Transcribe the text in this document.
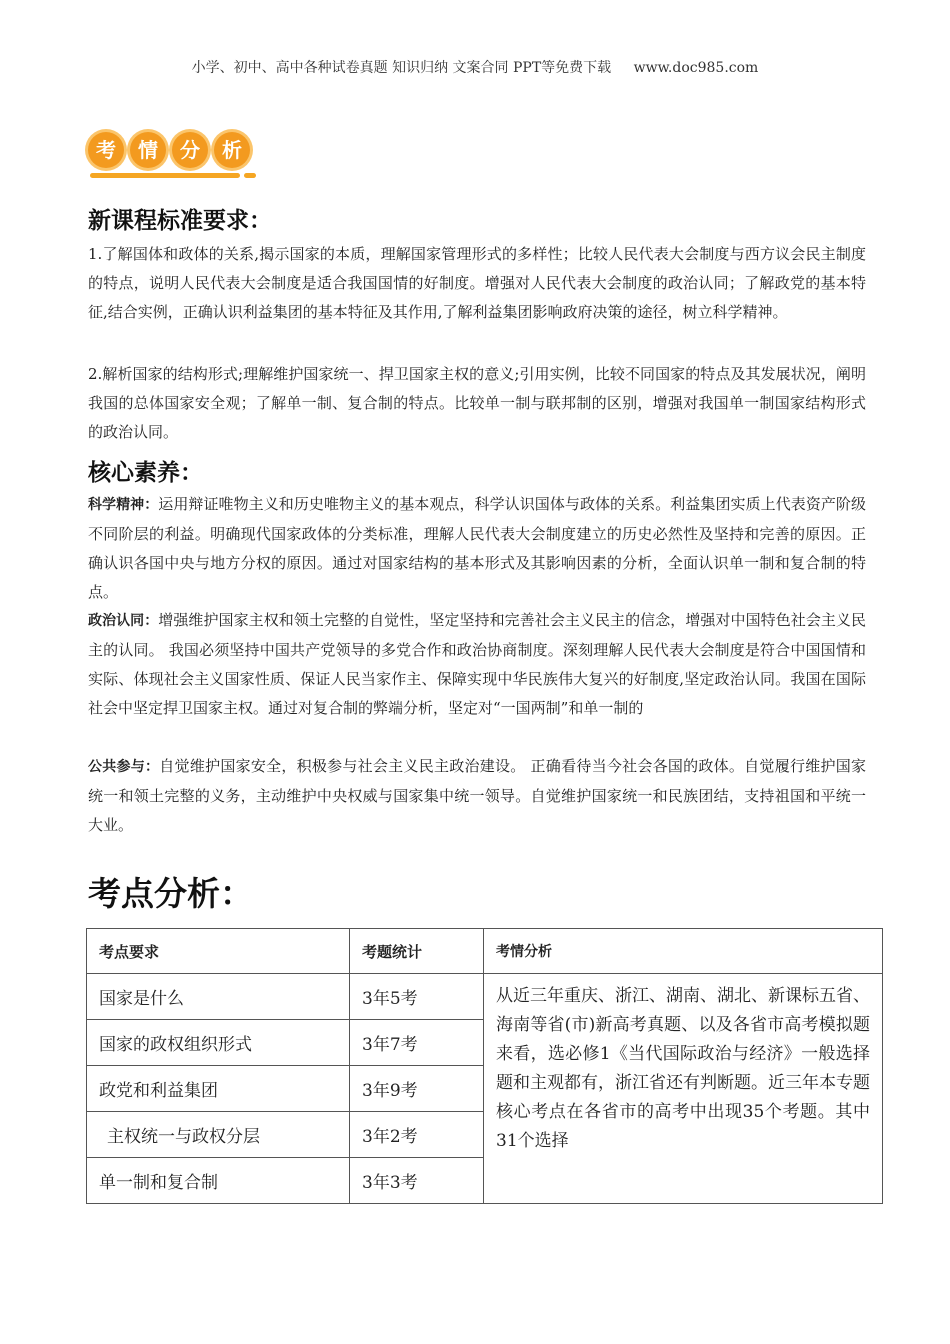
小学、初中、高中各种试卷真题 知识归纳 文案合同 PPT等免费下载 www.doc985.com
考	情	分	析
新课程标准要求：

1.了解国体和政体的关系,揭示国家的本质，理解国家管理形式的多样性；比较人民代表大会制度与西方议会民主制度的特点，说明人民代表大会制度是适合我国国情的好制度。增强对人民代表大会制度的政治认同；了解政党的基本特征,结合实例，正确认识利益集团的基本特征及其作用,了解利益集团影响政府决策的途径，树立科学精神。

2.解析国家的结构形式;理解维护国家统一、捍卫国家主权的意义;引用实例，比较不同国家的特点及其发展状况，阐明我国的总体国家安全观；了解单一制、复合制的特点。比较单一制与联邦制的区别，增强对我国单一制国家结构形式的政治认同。

核心素养：

科学精神：运用辩证唯物主义和历史唯物主义的基本观点，科学认识国体与政体的关系。利益集团实质上代表资产阶级不同阶层的利益。明确现代国家政体的分类标准，理解人民代表大会制度建立的历史必然性及坚持和完善的原因。正确认识各国中央与地方分权的原因。通过对国家结构的基本形式及其影响因素的分析，全面认识单一制和复合制的特点。

政治认同：增强维护国家主权和领土完整的自觉性，坚定坚持和完善社会主义民主的信念，增强对中国特色社会主义民主的认同。 我国必须坚持中国共产党领导的多党合作和政治协商制度。深刻理解人民代表大会制度是符合中国国情和实际、体现社会主义国家性质、保证人民当家作主、保障实现中华民族伟大复兴的好制度,坚定政治认同。我国在国际社会中坚定捍卫国家主权。通过对复合制的弊端分析，坚定对“一国两制”和单一制的

公共参与：自觉维护国家安全，积极参与社会主义民主政治建设。 正确看待当今社会各国的政体。自觉履行维护国家统一和领土完整的义务，主动维护中央权威与国家集中统一领导。自觉维护国家统一和民族团结，支持祖国和平统一大业。

考点分析：
考点要求	考题统计	考情分析
国家是什么	3年5考	从近三年重庆、浙江、湖南、湖北、新课标五省、海南等省(市)新高考真题、以及各省市高考模拟题来看，选必修1《当代国际政治与经济》一般选择题和主观都有，浙江省还有判断题。近三年本专题核心考点在各省市的高考中出现35个考题。其中31个选择
国家的政权组织形式	3年7考	
政党和利益集团	3年9考	
主权统一与政权分层	3年2考	
单一制和复合制	3年3考	
